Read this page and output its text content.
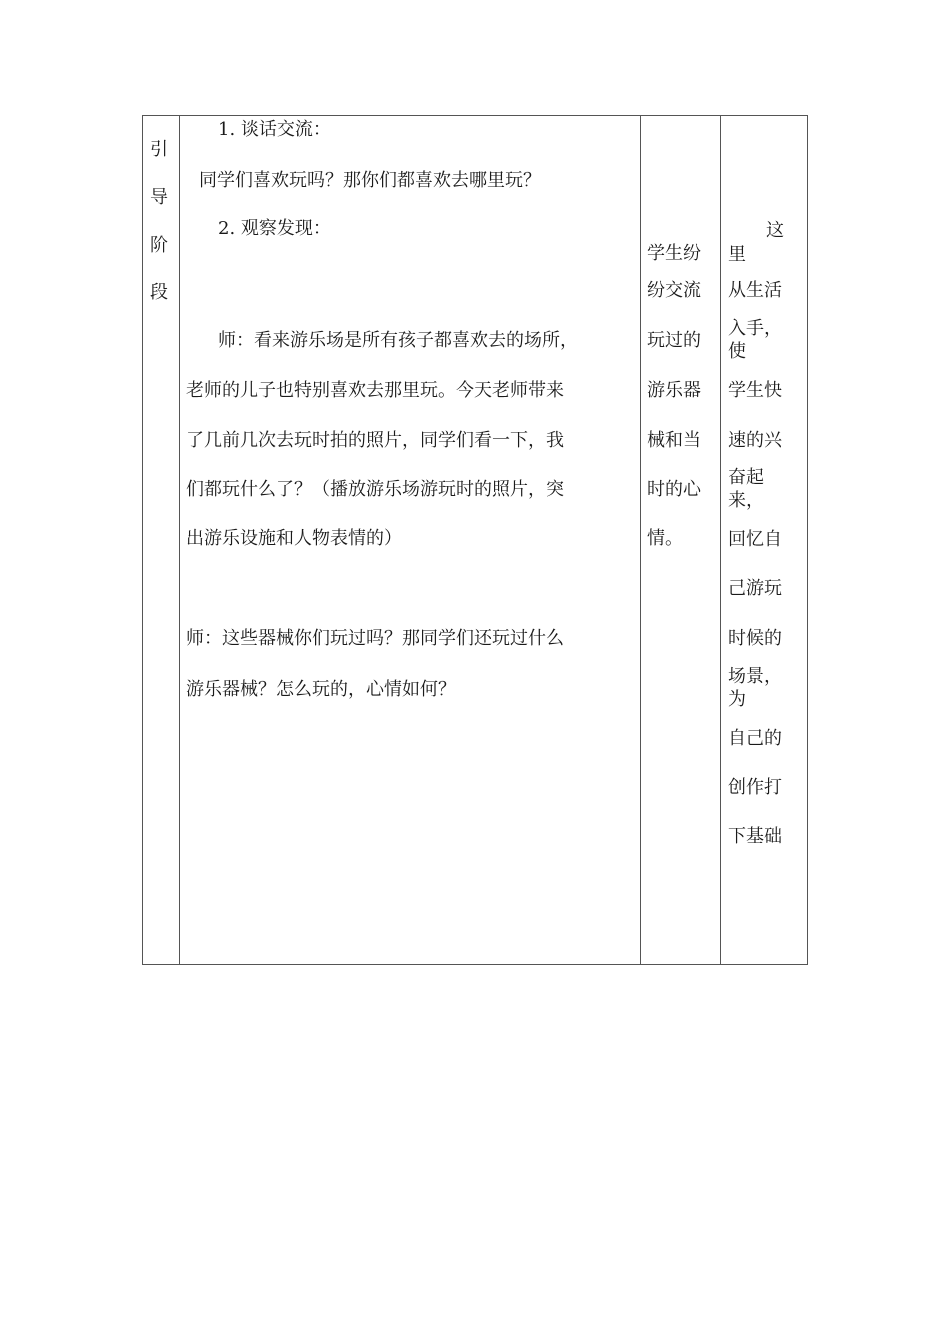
引
导
阶
段
1. 谈话交流：
同学们喜欢玩吗？那你们都喜欢去哪里玩？
2. 观察发现：
师：看来游乐场是所有孩子都喜欢去的场所，
老师的儿子也特别喜欢去那里玩。今天老师带来
了几前几次去玩时拍的照片，同学们看一下，我
们都玩什么了？（播放游乐场游玩时的照片，突
出游乐设施和人物表情的）
师：这些器械你们玩过吗？那同学们还玩过什么
游乐器械？怎么玩的，心情如何？
学生纷
纷交流
玩过的
游乐器
械和当
时的心
情。
这
里
从生活
入手，
使
学生快
速的兴
奋起
来，
回忆自
己游玩
时候的
场景，
为
自己的
创作打
下基础
